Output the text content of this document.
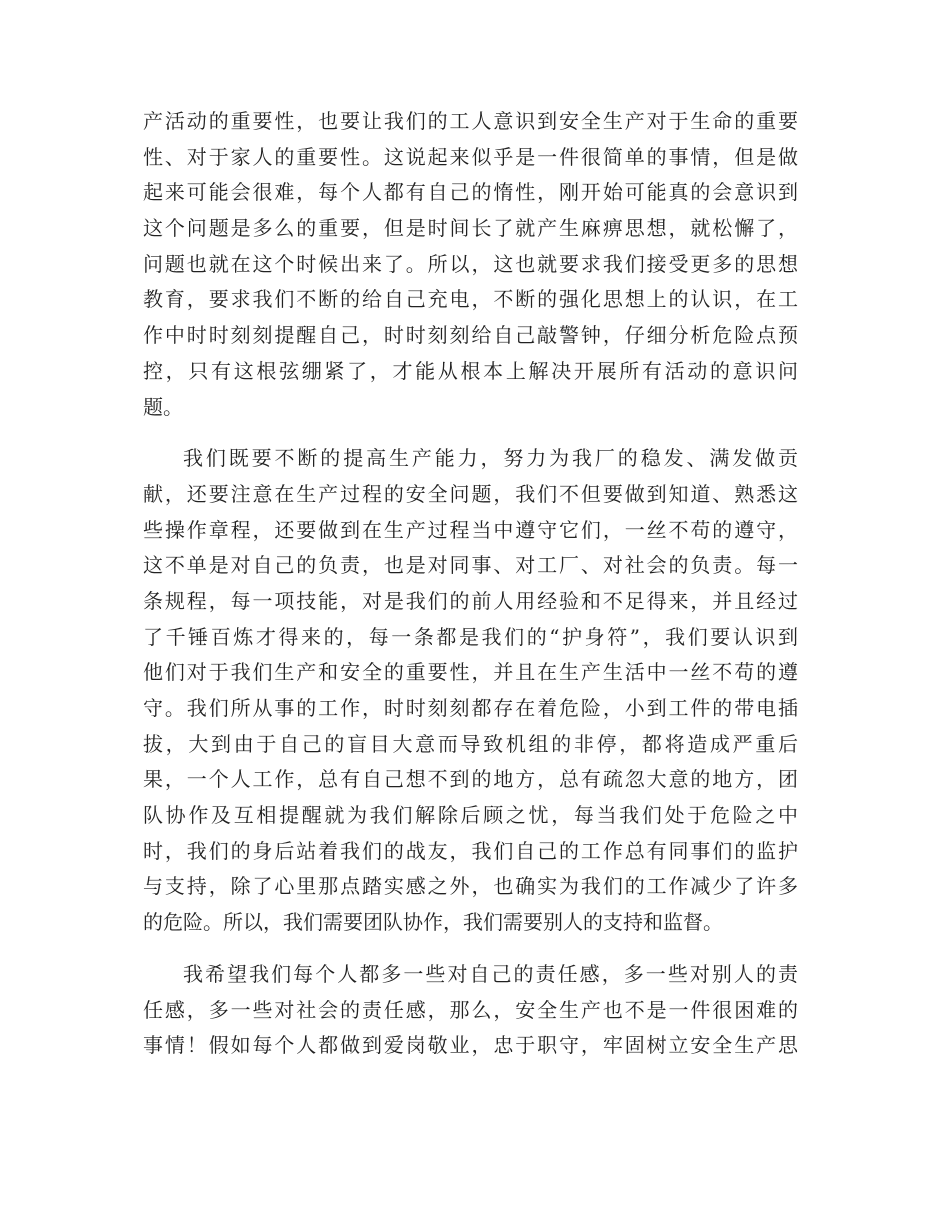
产活动的重要性，也要让我们的工人意识到安全生产对于生命的重要
性、对于家人的重要性。这说起来似乎是一件很简单的事情，但是做
起来可能会很难，每个人都有自己的惰性，刚开始可能真的会意识到
这个问题是多么的重要，但是时间长了就产生麻痹思想，就松懈了，
问题也就在这个时候出来了。所以，这也就要求我们接受更多的思想
教育，要求我们不断的给自己充电，不断的强化思想上的认识，在工
作中时时刻刻提醒自己，时时刻刻给自己敲警钟，仔细分析危险点预
控，只有这根弦绷紧了，才能从根本上解决开展所有活动的意识问
题。
我们既要不断的提高生产能力，努力为我厂的稳发、满发做贡
献，还要注意在生产过程的安全问题，我们不但要做到知道、熟悉这
些操作章程，还要做到在生产过程当中遵守它们，一丝不苟的遵守，
这不单是对自己的负责，也是对同事、对工厂、对社会的负责。每一
条规程，每一项技能，对是我们的前人用经验和不足得来，并且经过
了千锤百炼才得来的，每一条都是我们的“护身符”，我们要认识到
他们对于我们生产和安全的重要性，并且在生产生活中一丝不苟的遵
守。我们所从事的工作，时时刻刻都存在着危险，小到工件的带电插
拔，大到由于自己的盲目大意而导致机组的非停，都将造成严重后
果，一个人工作，总有自己想不到的地方，总有疏忽大意的地方，团
队协作及互相提醒就为我们解除后顾之忧，每当我们处于危险之中
时，我们的身后站着我们的战友，我们自己的工作总有同事们的监护
与支持，除了心里那点踏实感之外，也确实为我们的工作减少了许多
的危险。所以，我们需要团队协作，我们需要别人的支持和监督。
我希望我们每个人都多一些对自己的责任感，多一些对别人的责
任感，多一些对社会的责任感，那么，安全生产也不是一件很困难的
事情！假如每个人都做到爱岗敬业，忠于职守，牢固树立安全生产思
